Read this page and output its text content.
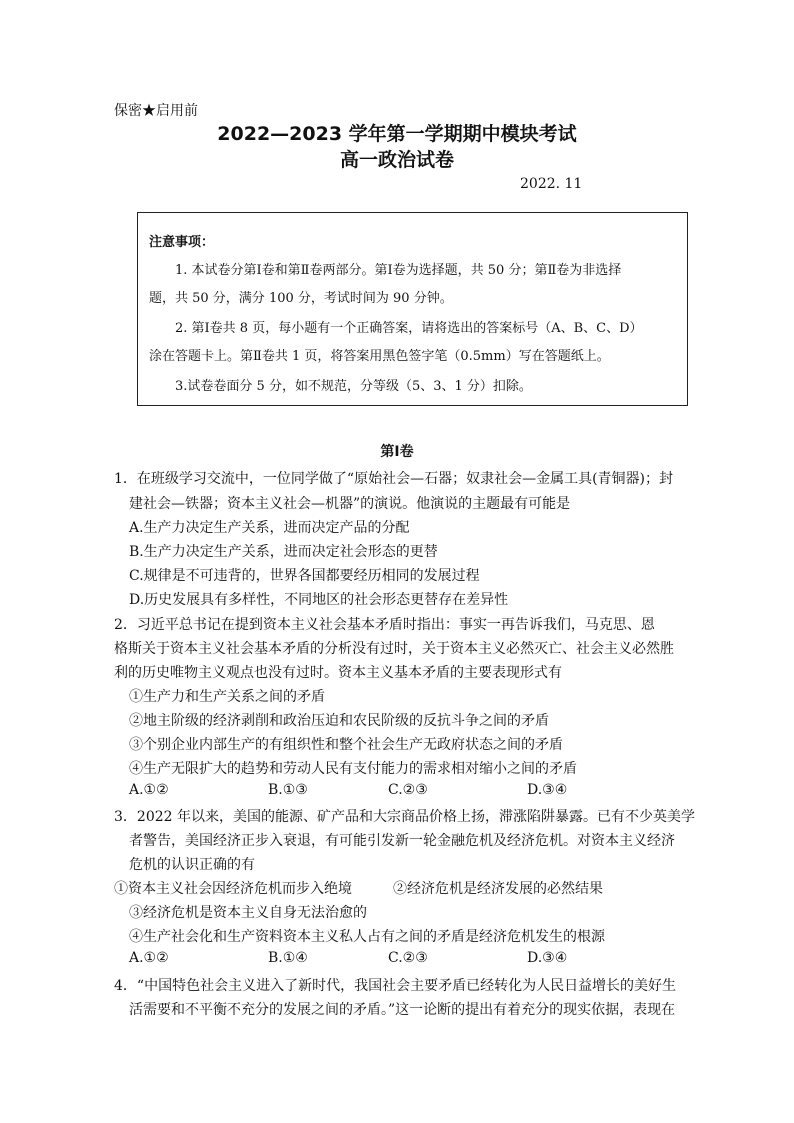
保密★启用前
2022—2023 学年第一学期期中模块考试
高一政治试卷
2022. 11
注意事项：
1. 本试卷分第Ⅰ卷和第Ⅱ卷两部分。第Ⅰ卷为选择题，共 50 分；第Ⅱ卷为非选择
题，共 50 分，满分 100 分，考试时间为 90 分钟。
2. 第Ⅰ卷共 8 页，每小题有一个正确答案，请将选出的答案标号（A、B、C、D）
涂在答题卡上。第Ⅱ卷共 1 页，将答案用黑色签字笔（0.5mm）写在答题纸上。
3.试卷卷面分 5 分，如不规范，分等级（5、3、1 分）扣除。
第Ⅰ卷
1．在班级学习交流中，一位同学做了“原始社会—石器；奴隶社会—金属工具(青铜器)；封
建社会—铁器；资本主义社会—机器”的演说。他演说的主题最有可能是
A.生产力决定生产关系，进而决定产品的分配
B.生产力决定生产关系，进而决定社会形态的更替
C.规律是不可违背的，世界各国都要经历相同的发展过程
D.历史发展具有多样性，不同地区的社会形态更替存在差异性
2．习近平总书记在提到资本主义社会基本矛盾时指出：事实一再告诉我们，马克思、恩
格斯关于资本主义社会基本矛盾的分析没有过时，关于资本主义必然灭亡、社会主义必然胜
利的历史唯物主义观点也没有过时。资本主义基本矛盾的主要表现形式有
①生产力和生产关系之间的矛盾
②地主阶级的经济剥削和政治压迫和农民阶级的反抗斗争之间的矛盾
③个别企业内部生产的有组织性和整个社会生产无政府状态之间的矛盾
④生产无限扩大的趋势和劳动人民有支付能力的需求相对缩小之间的矛盾
A.①②	B.①③	C.②③	D.③④
3．2022 年以来，美国的能源、矿产品和大宗商品价格上扬，滞涨陷阱暴露。已有不少英美学
者警告，美国经济正步入衰退，有可能引发新一轮金融危机及经济危机。对资本主义经济
危机的认识正确的有
①资本主义社会因经济危机而步入绝境	②经济危机是经济发展的必然结果
③经济危机是资本主义自身无法治愈的
④生产社会化和生产资料资本主义私人占有之间的矛盾是经济危机发生的根源
A.①②	B.①④	C.②③	D.③④
4．“中国特色社会主义进入了新时代，我国社会主要矛盾已经转化为人民日益增长的美好生
活需要和不平衡不充分的发展之间的矛盾。”这一论断的提出有着充分的现实依据，表现在
